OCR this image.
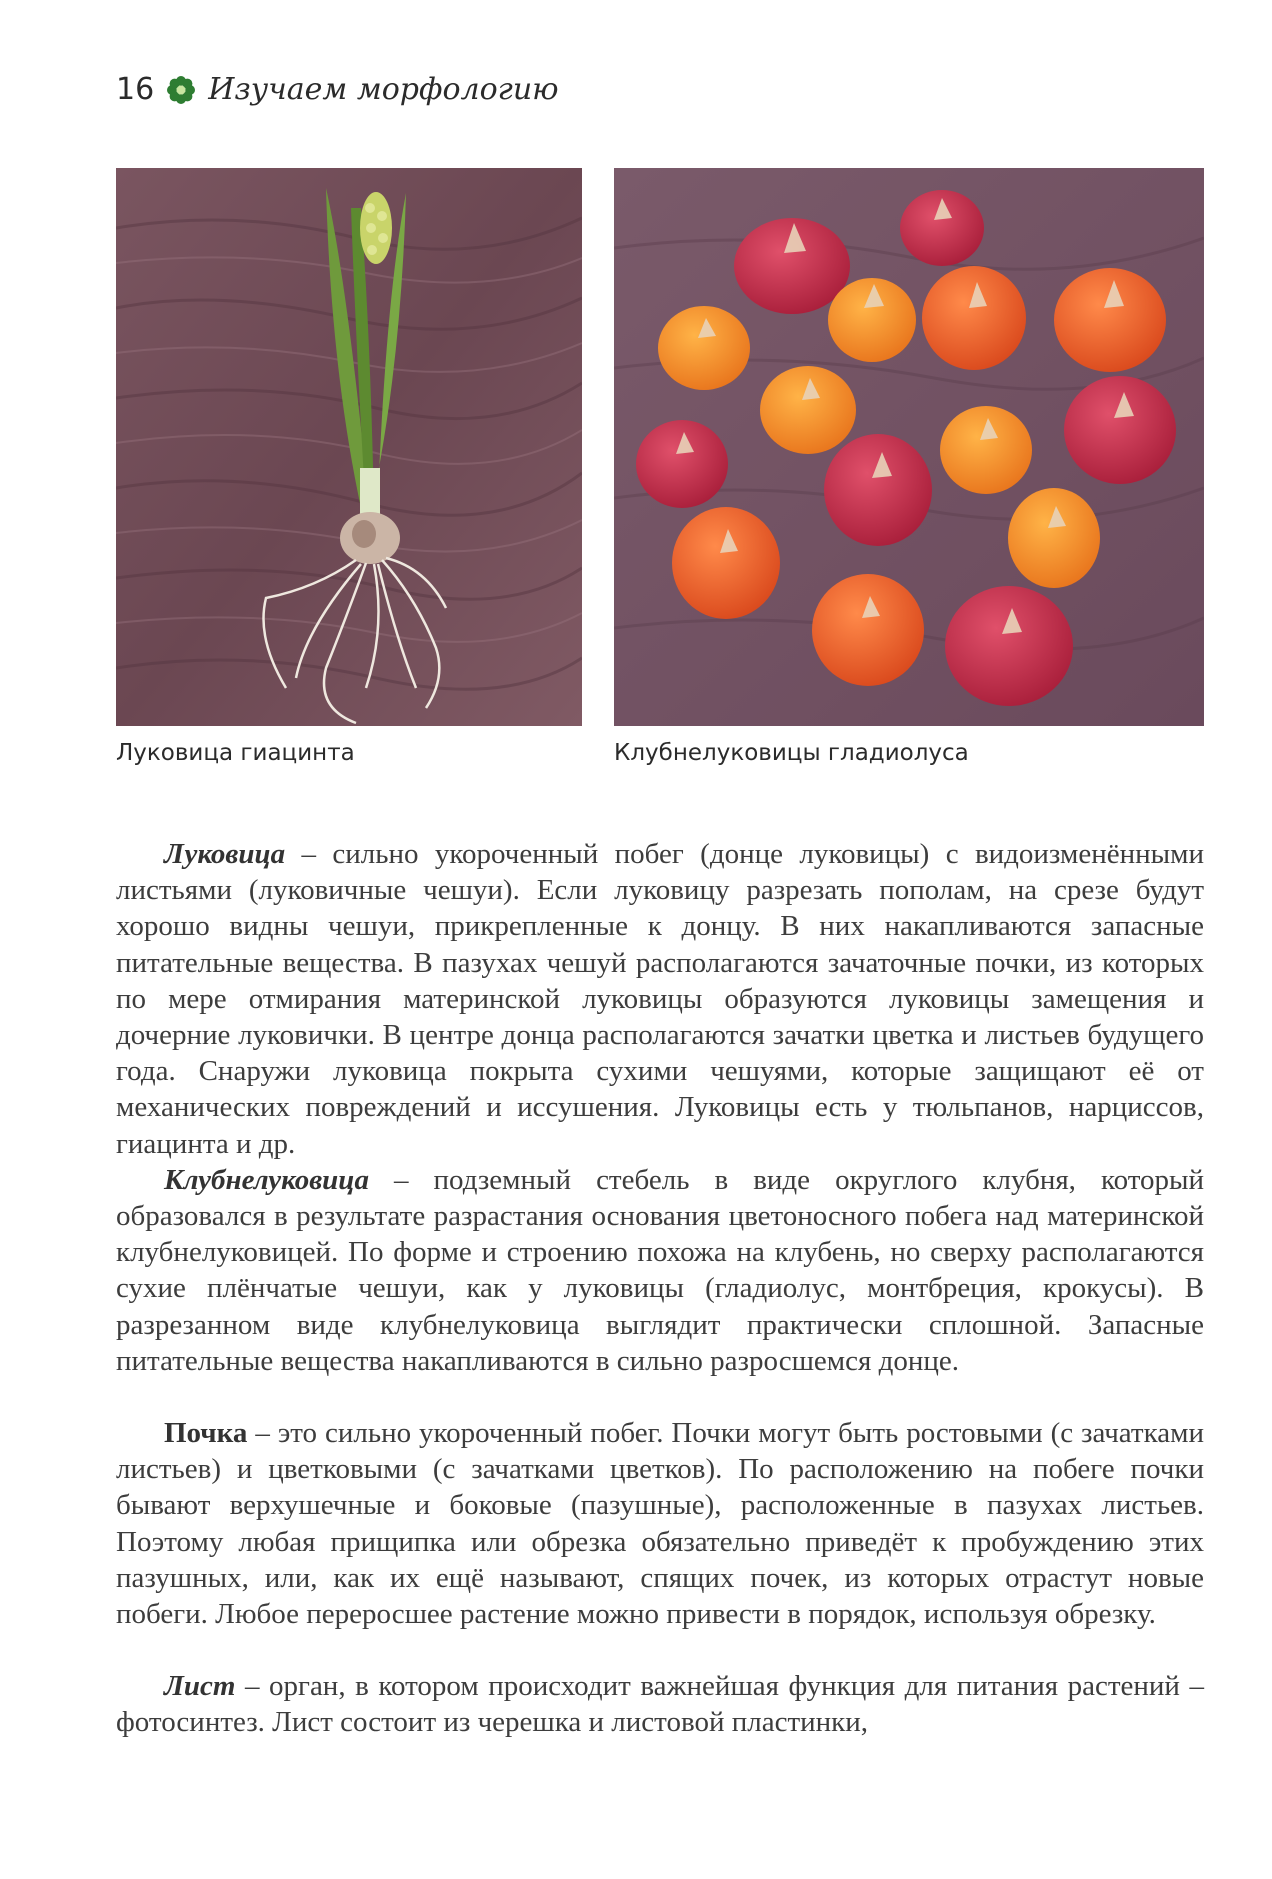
16 Изучаем морфологию
Луковица гиацинта	Клубнелуковицы гладиолуса

Луковица – сильно укороченный побег (донце луковицы) с видоизменёнными листьями (луковичные чешуи). Если луковицу разрезать пополам, на срезе будут хорошо видны чешуи, прикрепленные к донцу. В них накапливаются запасные питательные вещества. В пазухах чешуй располагаются зачаточные почки, из которых по мере отмирания материнской луковицы образуются луковицы замещения и дочерние луковички. В центре донца располагаются зачатки цветка и листьев будущего года. Снаружи луковица покрыта сухими чешуями, которые защищают её от механических повреждений и иссушения. Луковицы есть у тюльпанов, нарциссов, гиацинта и др.

Клубнелуковица – подземный стебель в виде округлого клубня, который образовался в результате разрастания основания цветоносного побега над материнской клубнелуковицей. По форме и строению похожа на клубень, но сверху располагаются сухие плёнчатые чешуи, как у луковицы (гладиолус, монтбреция, крокусы). В разрезанном виде клубнелуковица выглядит практически сплошной. Запасные питательные вещества накапливаются в сильно разросшемся донце.

Почка – это сильно укороченный побег. Почки могут быть ростовыми (с зачатками листьев) и цветковыми (с зачатками цветков). По расположению на побеге почки бывают верхушечные и боковые (пазушные), расположенные в пазухах листьев. Поэтому любая прищипка или обрезка обязательно приведёт к пробуждению этих пазушных, или, как их ещё называют, спящих почек, из которых отрастут новые побеги. Любое переросшее растение можно привести в порядок, используя обрезку.

Лист – орган, в котором происходит важнейшая функция для питания растений – фотосинтез. Лист состоит из черешка и листовой пластинки,
